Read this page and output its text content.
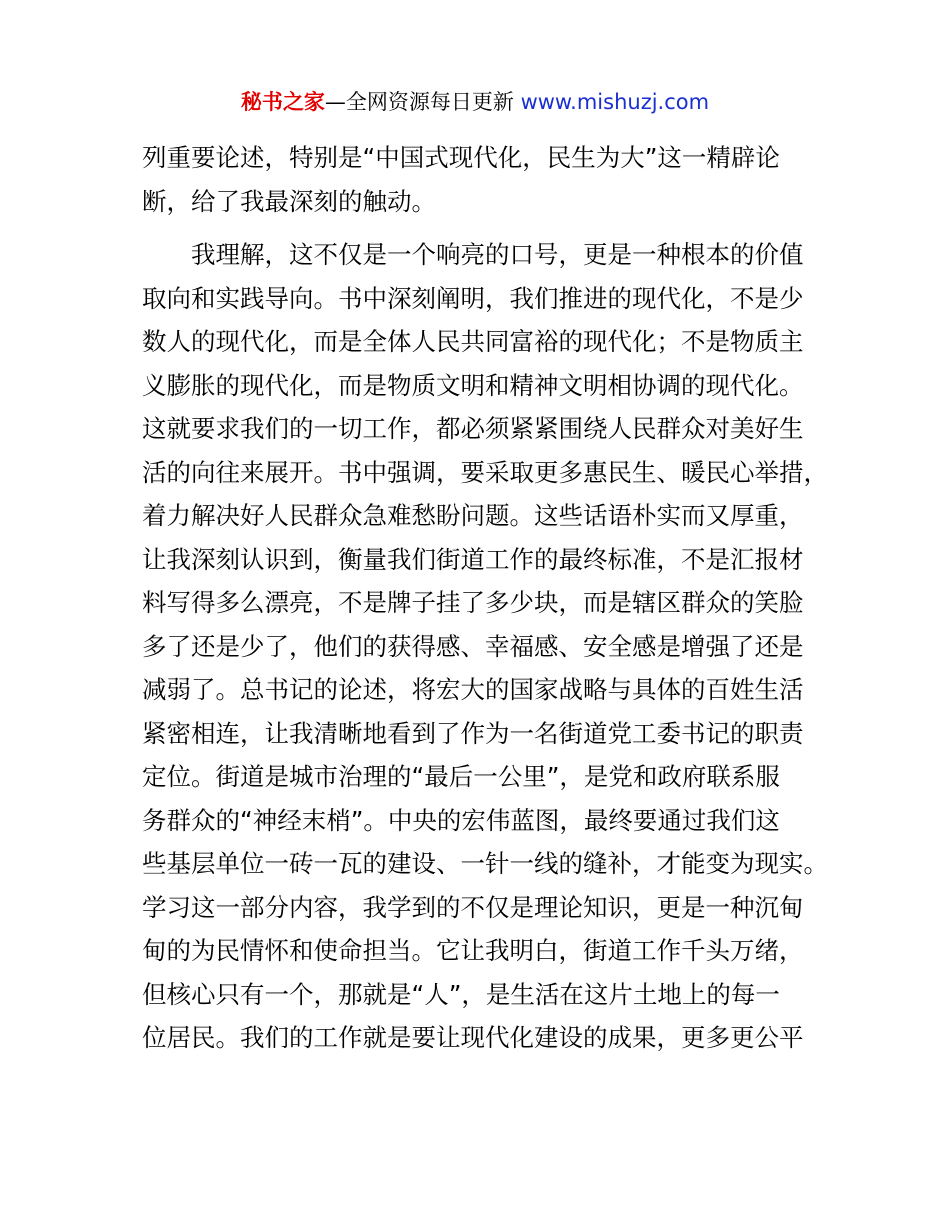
秘书之家—全网资源每日更新 www.mishuzj.com
列重要论述，特别是“中国式现代化，民生为大”这一精辟论
断，给了我最深刻的触动。
我理解，这不仅是一个响亮的口号，更是一种根本的价值
取向和实践导向。书中深刻阐明，我们推进的现代化，不是少
数人的现代化，而是全体人民共同富裕的现代化；不是物质主
义膨胀的现代化，而是物质文明和精神文明相协调的现代化。
这就要求我们的一切工作，都必须紧紧围绕人民群众对美好生
活的向往来展开。书中强调，要采取更多惠民生、暖民心举措，
着力解决好人民群众急难愁盼问题。这些话语朴实而又厚重，
让我深刻认识到，衡量我们街道工作的最终标准，不是汇报材
料写得多么漂亮，不是牌子挂了多少块，而是辖区群众的笑脸
多了还是少了，他们的获得感、幸福感、安全感是增强了还是
减弱了。总书记的论述，将宏大的国家战略与具体的百姓生活
紧密相连，让我清晰地看到了作为一名街道党工委书记的职责
定位。街道是城市治理的“最后一公里”，是党和政府联系服
务群众的“神经末梢”。中央的宏伟蓝图，最终要通过我们这
些基层单位一砖一瓦的建设、一针一线的缝补，才能变为现实。
学习这一部分内容，我学到的不仅是理论知识，更是一种沉甸
甸的为民情怀和使命担当。它让我明白，街道工作千头万绪，
但核心只有一个，那就是“人”，是生活在这片土地上的每一
位居民。我们的工作就是要让现代化建设的成果，更多更公平
